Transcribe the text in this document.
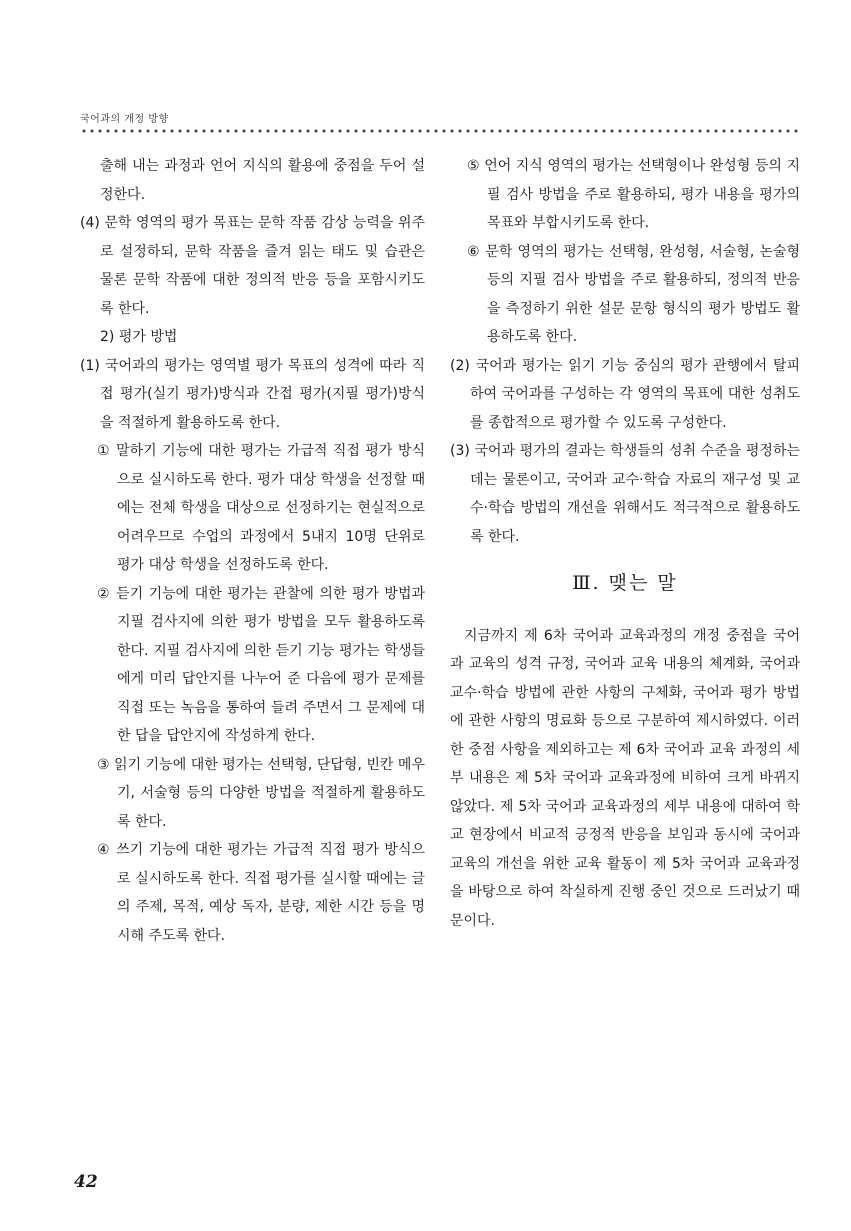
국어과의 개정 방향

출해 내는 과정과 언어 지식의 활용에 중점을 두어 설정한다.

(4) 문학 영역의 평가 목표는 문학 작품 감상 능력을 위주로 설정하되, 문학 작품을 즐겨 읽는 태도 및 습관은 물론 문학 작품에 대한 정의적 반응 등을 포함시키도록 한다.

2) 평가 방법

(1) 국어과의 평가는 영역별 평가 목표의 성격에 따라 직접 평가(실기 평가)방식과 간접 평가(지필 평가)방식을 적절하게 활용하도록 한다.

① 말하기 기능에 대한 평가는 가급적 직접 평가 방식으로 실시하도록 한다. 평가 대상 학생을 선정할 때에는 전체 학생을 대상으로 선정하기는 현실적으로 어려우므로 수업의 과정에서 5내지 10명 단위로 평가 대상 학생을 선정하도록 한다.

② 듣기 기능에 대한 평가는 관찰에 의한 평가 방법과 지필 검사지에 의한 평가 방법을 모두 활용하도록 한다. 지필 검사지에 의한 듣기 기능 평가는 학생들에게 미리 답안지를 나누어 준 다음에 평가 문제를 직접 또는 녹음을 통하여 들려 주면서 그 문제에 대한 답을 답안지에 작성하게 한다.

③ 읽기 기능에 대한 평가는 선택형, 단답형, 빈칸 메우기, 서술형 등의 다양한 방법을 적절하게 활용하도록 한다.

④ 쓰기 기능에 대한 평가는 가급적 직접 평가 방식으로 실시하도록 한다. 직접 평가를 실시할 때에는 글의 주제, 목적, 예상 독자, 분량, 제한 시간 등을 명시해 주도록 한다.

⑤ 언어 지식 영역의 평가는 선택형이나 완성형 등의 지필 검사 방법을 주로 활용하되, 평가 내용을 평가의 목표와 부합시키도록 한다.

⑥ 문학 영역의 평가는 선택형, 완성형, 서술형, 논술형 등의 지필 검사 방법을 주로 활용하되, 정의적 반응을 측정하기 위한 설문 문항 형식의 평가 방법도 활용하도록 한다.

(2) 국어과 평가는 읽기 기능 중심의 평가 관행에서 탈피하여 국어과를 구성하는 각 영역의 목표에 대한 성취도를 종합적으로 평가할 수 있도록 구성한다.

(3) 국어과 평가의 결과는 학생들의 성취 수준을 평정하는 데는 물론이고, 국어과 교수·학습 자료의 재구성 및 교수·학습 방법의 개선을 위해서도 적극적으로 활용하도록 한다.

Ⅲ. 맺는 말

지금까지 제 6차 국어과 교육과정의 개정 중점을 국어과 교육의 성격 규정, 국어과 교육 내용의 체계화, 국어과 교수·학습 방법에 관한 사항의 구체화, 국어과 평가 방법에 관한 사항의 명료화 등으로 구분하여 제시하였다. 이러한 중점 사항을 제외하고는 제 6차 국어과 교육 과정의 세부 내용은 제 5차 국어과 교육과정에 비하여 크게 바뀌지 않았다. 제 5차 국어과 교육과정의 세부 내용에 대하여 학교 현장에서 비교적 긍정적 반응을 보임과 동시에 국어과 교육의 개선을 위한 교육 활동이 제 5차 국어과 교육과정을 바탕으로 하여 착실하게 진행 중인 것으로 드러났기 때문이다.

42
